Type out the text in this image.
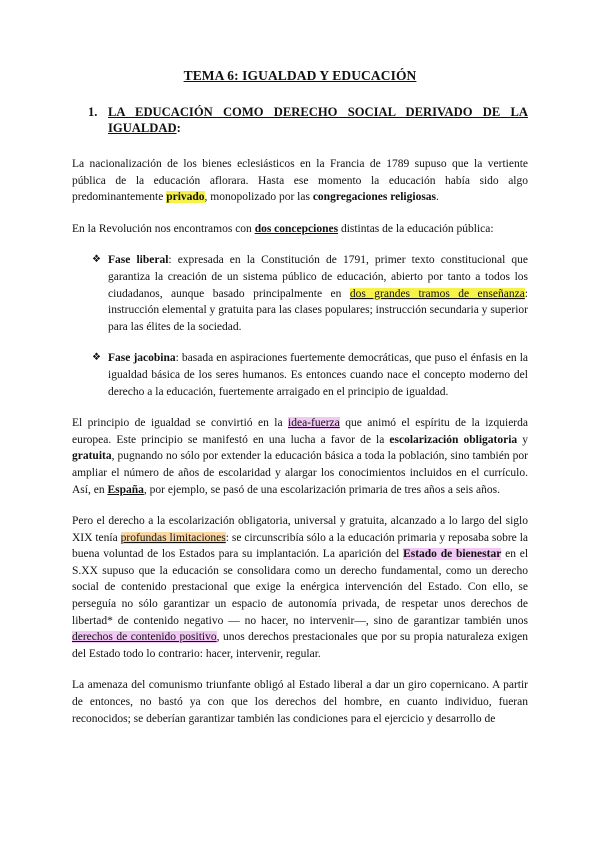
TEMA 6: IGUALDAD Y EDUCACIÓN
1. LA EDUCACIÓN COMO DERECHO SOCIAL DERIVADO DE LA IGUALDAD:

La nacionalización de los bienes eclesiásticos en la Francia de 1789 supuso que la vertiente pública de la educación aflorara. Hasta ese momento la educación había sido algo predominantemente privado, monopolizado por las congregaciones religiosas.

En la Revolución nos encontramos con dos concepciones distintas de la educación pública:

❖ Fase liberal: expresada en la Constitución de 1791, primer texto constitucional que garantiza la creación de un sistema público de educación, abierto por tanto a todos los ciudadanos, aunque basado principalmente en dos grandes tramos de enseñanza: instrucción elemental y gratuita para las clases populares; instrucción secundaria y superior para las élites de la sociedad.

❖ Fase jacobina: basada en aspiraciones fuertemente democráticas, que puso el énfasis en la igualdad básica de los seres humanos. Es entonces cuando nace el concepto moderno del derecho a la educación, fuertemente arraigado en el principio de igualdad.

El principio de igualdad se convirtió en la idea-fuerza que animó el espíritu de la izquierda europea. Este principio se manifestó en una lucha a favor de la escolarización obligatoria y gratuita, pugnando no sólo por extender la educación básica a toda la población, sino también por ampliar el número de años de escolaridad y alargar los conocimientos incluidos en el currículo. Así, en España, por ejemplo, se pasó de una escolarización primaria de tres años a seis años.

Pero el derecho a la escolarización obligatoria, universal y gratuita, alcanzado a lo largo del siglo XIX tenía profundas limitaciones: se circunscribía sólo a la educación primaria y reposaba sobre la buena voluntad de los Estados para su implantación. La aparición del Estado de bienestar en el S.XX supuso que la educación se consolidara como un derecho fundamental, como un derecho social de contenido prestacional que exige la enérgica intervención del Estado. Con ello, se perseguía no sólo garantizar un espacio de autonomía privada, de respetar unos derechos de libertad* de contenido negativo — no hacer, no intervenir—, sino de garantizar también unos derechos de contenido positivo, unos derechos prestacionales que por su propia naturaleza exigen del Estado todo lo contrario: hacer, intervenir, regular.

La amenaza del comunismo triunfante obligó al Estado liberal a dar un giro copernicano. A partir de entonces, no bastó ya con que los derechos del hombre, en cuanto individuo, fueran reconocidos; se deberían garantizar también las condiciones para el ejercicio y desarrollo de
